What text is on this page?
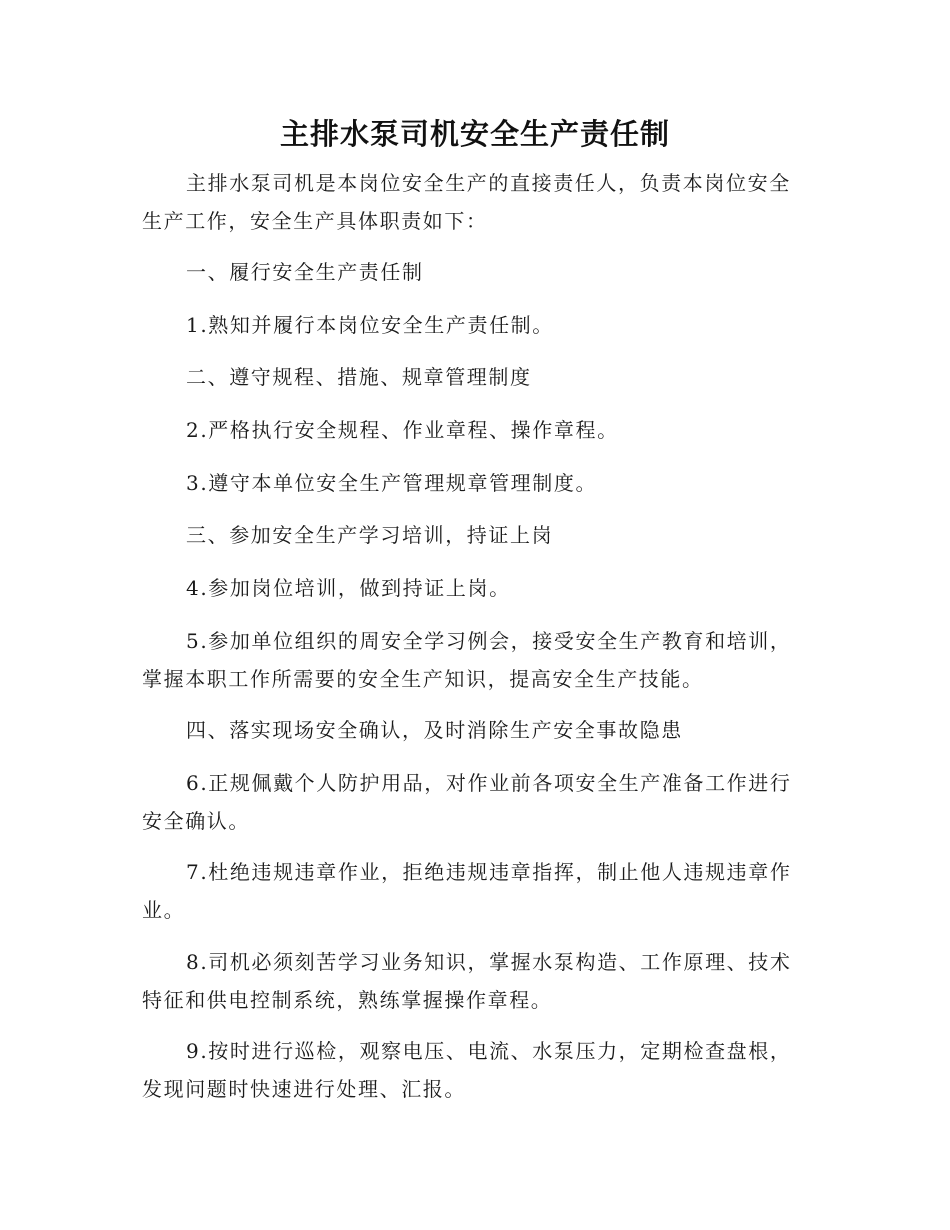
主排水泵司机安全生产责任制

主排水泵司机是本岗位安全生产的直接责任人，负责本岗位安全生产工作，安全生产具体职责如下：

一、履行安全生产责任制

1.熟知并履行本岗位安全生产责任制。

二、遵守规程、措施、规章管理制度

2.严格执行安全规程、作业章程、操作章程。

3.遵守本单位安全生产管理规章管理制度。

三、参加安全生产学习培训，持证上岗

4.参加岗位培训，做到持证上岗。

5.参加单位组织的周安全学习例会，接受安全生产教育和培训，掌握本职工作所需要的安全生产知识，提高安全生产技能。

四、落实现场安全确认，及时消除生产安全事故隐患

6.正规佩戴个人防护用品，对作业前各项安全生产准备工作进行安全确认。

7.杜绝违规违章作业，拒绝违规违章指挥，制止他人违规违章作业。

8.司机必须刻苦学习业务知识，掌握水泵构造、工作原理、技术特征和供电控制系统，熟练掌握操作章程。

9.按时进行巡检，观察电压、电流、水泵压力，定期检查盘根，发现问题时快速进行处理、汇报。
